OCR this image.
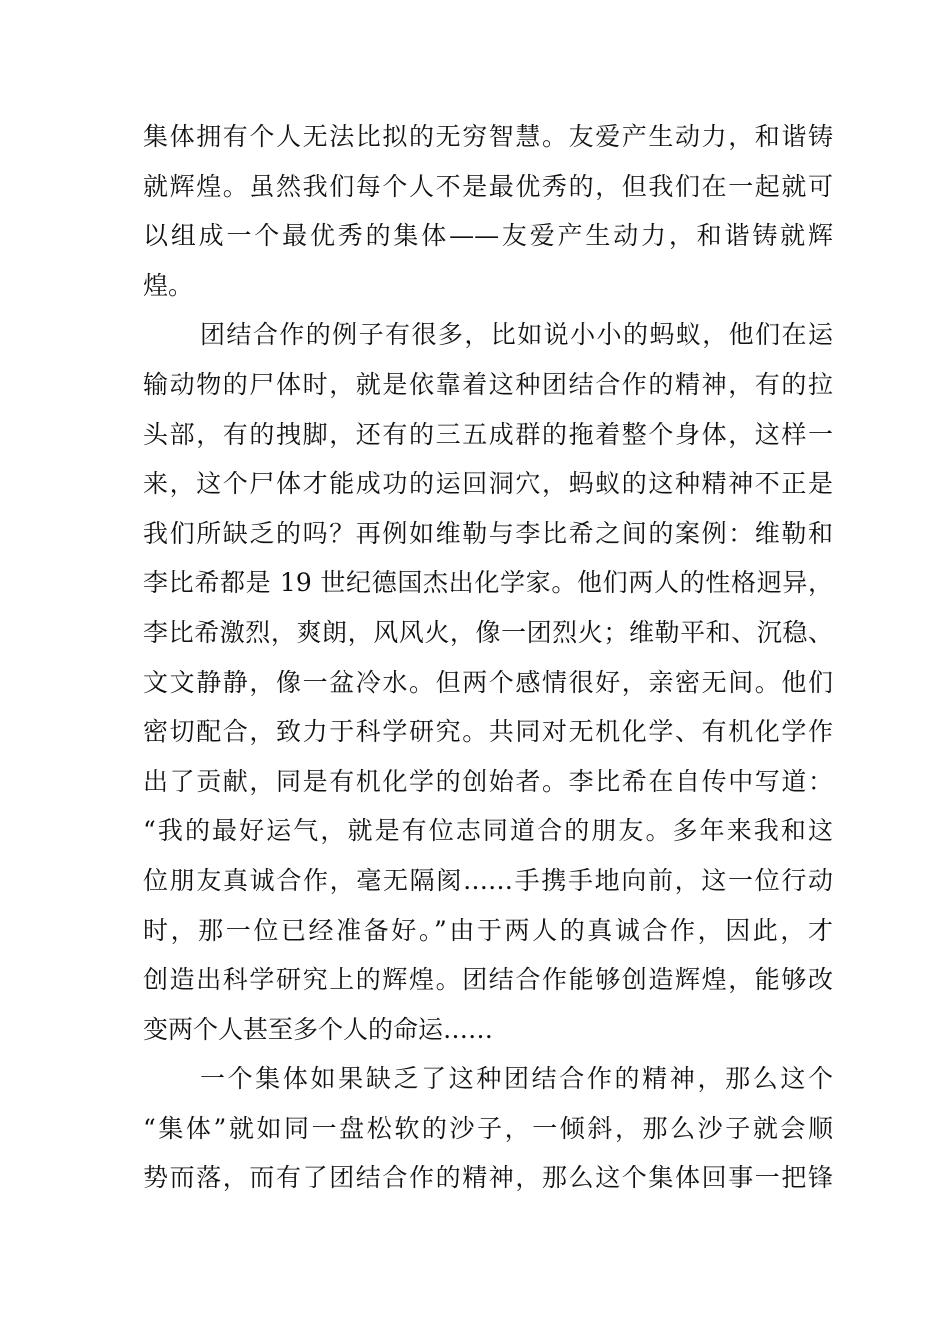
集体拥有个人无法比拟的无穷智慧。友爱产生动力，和谐铸
就辉煌。虽然我们每个人不是最优秀的，但我们在一起就可
以组成一个最优秀的集体——友爱产生动力，和谐铸就辉
煌。
团结合作的例子有很多，比如说小小的蚂蚁，他们在运
输动物的尸体时，就是依靠着这种团结合作的精神，有的拉
头部，有的拽脚，还有的三五成群的拖着整个身体，这样一
来，这个尸体才能成功的运回洞穴，蚂蚁的这种精神不正是
我们所缺乏的吗？再例如维勒与李比希之间的案例：维勒和
李比希都是 19 世纪德国杰出化学家。他们两人的性格迥异，
李比希激烈，爽朗，风风火，像一团烈火；维勒平和、沉稳、
文文静静，像一盆冷水。但两个感情很好，亲密无间。他们
密切配合，致力于科学研究。共同对无机化学、有机化学作
出了贡献，同是有机化学的创始者。李比希在自传中写道：
“我的最好运气，就是有位志同道合的朋友。多年来我和这
位朋友真诚合作，毫无隔阂……手携手地向前，这一位行动
时，那一位已经准备好。”由于两人的真诚合作，因此，才
创造出科学研究上的辉煌。团结合作能够创造辉煌，能够改
变两个人甚至多个人的命运……
一个集体如果缺乏了这种团结合作的精神，那么这个
“集体”就如同一盘松软的沙子，一倾斜，那么沙子就会顺
势而落，而有了团结合作的精神，那么这个集体回事一把锋
